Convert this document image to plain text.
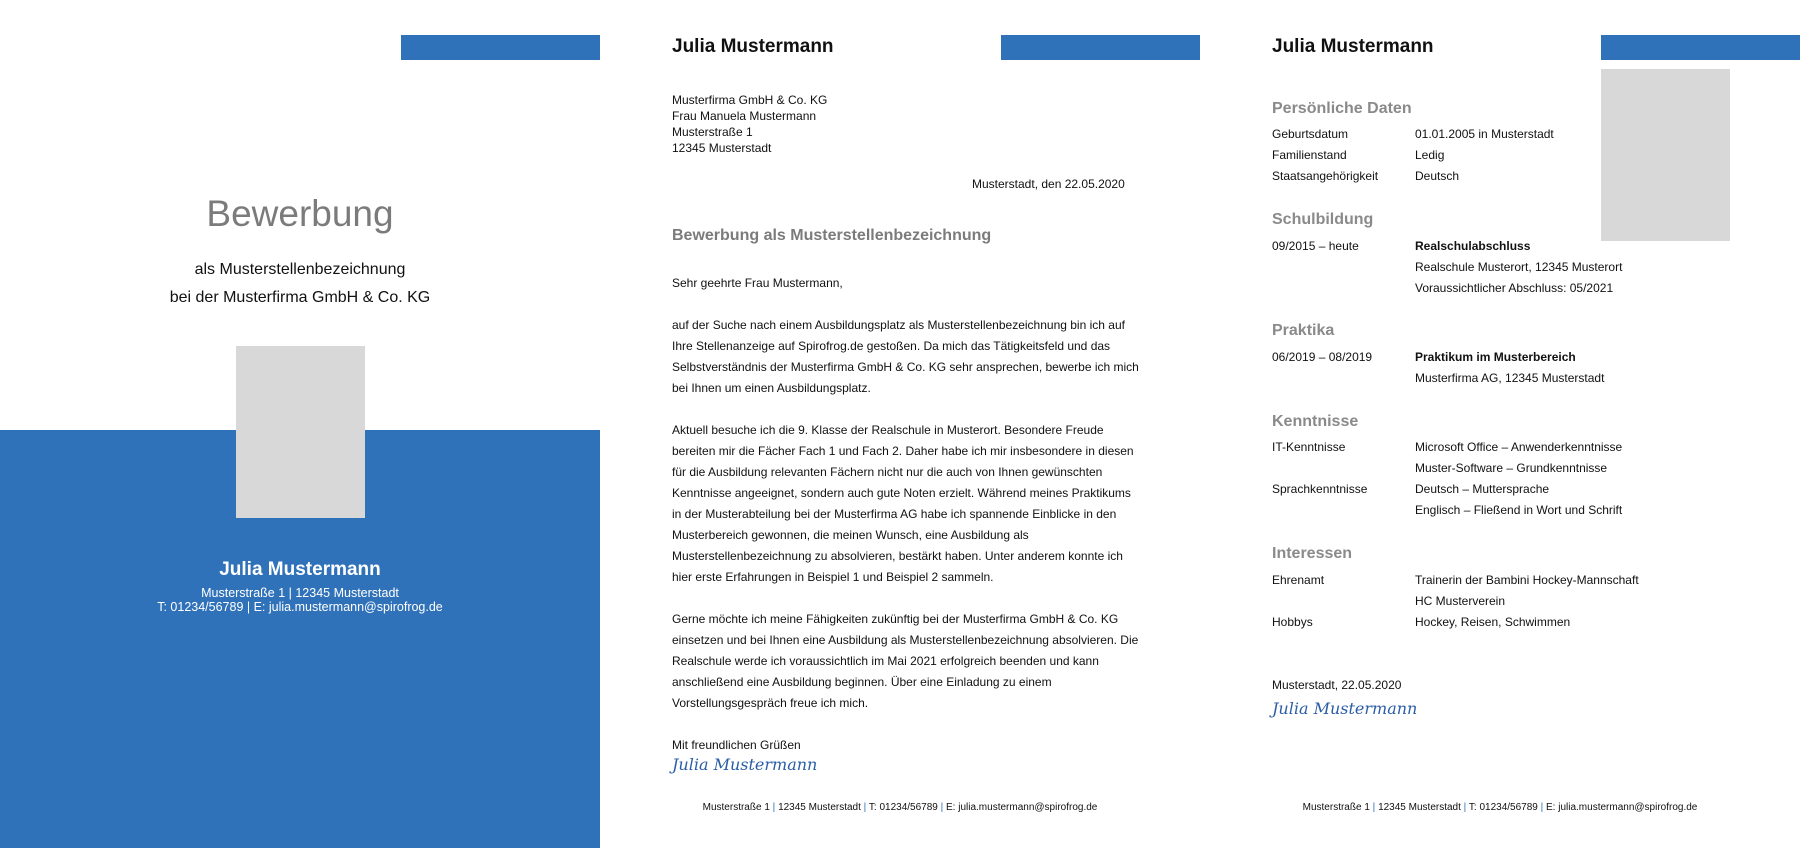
Bewerbung
als Musterstellenbezeichnung
bei der Musterfirma GmbH & Co. KG
Julia Mustermann
Musterstraße 1 | 12345 Musterstadt
T: 01234/56789 | E: julia.mustermann@spirofrog.de
Julia Mustermann
Musterfirma GmbH & Co. KG
Frau Manuela Mustermann
Musterstraße 1
12345 Musterstadt
Musterstadt, den 22.05.2020
Bewerbung als Musterstellenbezeichnung

Sehr geehrte Frau Mustermann,

auf der Suche nach einem Ausbildungsplatz als Musterstellenbezeichnung bin ich auf Ihre Stellenanzeige auf Spirofrog.de gestoßen. Da mich das Tätigkeitsfeld und das Selbstverständnis der Musterfirma GmbH & Co. KG sehr ansprechen, bewerbe ich mich bei Ihnen um einen Ausbildungsplatz.

Aktuell besuche ich die 9. Klasse der Realschule in Musterort. Besondere Freude bereiten mir die Fächer Fach 1 und Fach 2. Daher habe ich mir insbesondere in diesen für die Ausbildung relevanten Fächern nicht nur die auch von Ihnen gewünschten Kenntnisse angeeignet, sondern auch gute Noten erzielt. Während meines Praktikums in der Musterabteilung bei der Musterfirma AG habe ich spannende Einblicke in den Musterbereich gewonnen, die meinen Wunsch, eine Ausbildung als Musterstellenbezeichnung zu absolvieren, bestärkt haben. Unter anderem konnte ich hier erste Erfahrungen in Beispiel 1 und Beispiel 2 sammeln.

Gerne möchte ich meine Fähigkeiten zukünftig bei der Musterfirma GmbH & Co. KG einsetzen und bei Ihnen eine Ausbildung als Musterstellenbezeichnung absolvieren. Die Realschule werde ich voraussichtlich im Mai 2021 erfolgreich beenden und kann anschließend eine Ausbildung beginnen. Über eine Einladung zu einem Vorstellungsgespräch freue ich mich.

Mit freundlichen Grüßen

Julia Mustermann
Musterstraße 1 | 12345 Musterstadt | T: 01234/56789 | E: julia.mustermann@spirofrog.de
Julia Mustermann
Persönliche Daten
Geburtsdatum	01.01.2005 in Musterstadt
Familienstand	Ledig
Staatsangehörigkeit	Deutsch
Schulbildung
09/2015 – heute	Realschulabschluss
Realschule Musterort, 12345 Musterort
Voraussichtlicher Abschluss: 05/2021
Praktika
06/2019 – 08/2019	Praktikum im Musterbereich
Musterfirma AG, 12345 Musterstadt
Kenntnisse
IT-Kenntnisse	Microsoft Office – Anwenderkenntnisse
Muster-Software – Grundkenntnisse
Sprachkenntnisse	Deutsch – Muttersprache
Englisch – Fließend in Wort und Schrift
Interessen
Ehrenamt	Trainerin der Bambini Hockey-Mannschaft
HC Musterverein
Hobbys	Hockey, Reisen, Schwimmen
Musterstadt, 22.05.2020
Julia Mustermann
Musterstraße 1 | 12345 Musterstadt | T: 01234/56789 | E: julia.mustermann@spirofrog.de
